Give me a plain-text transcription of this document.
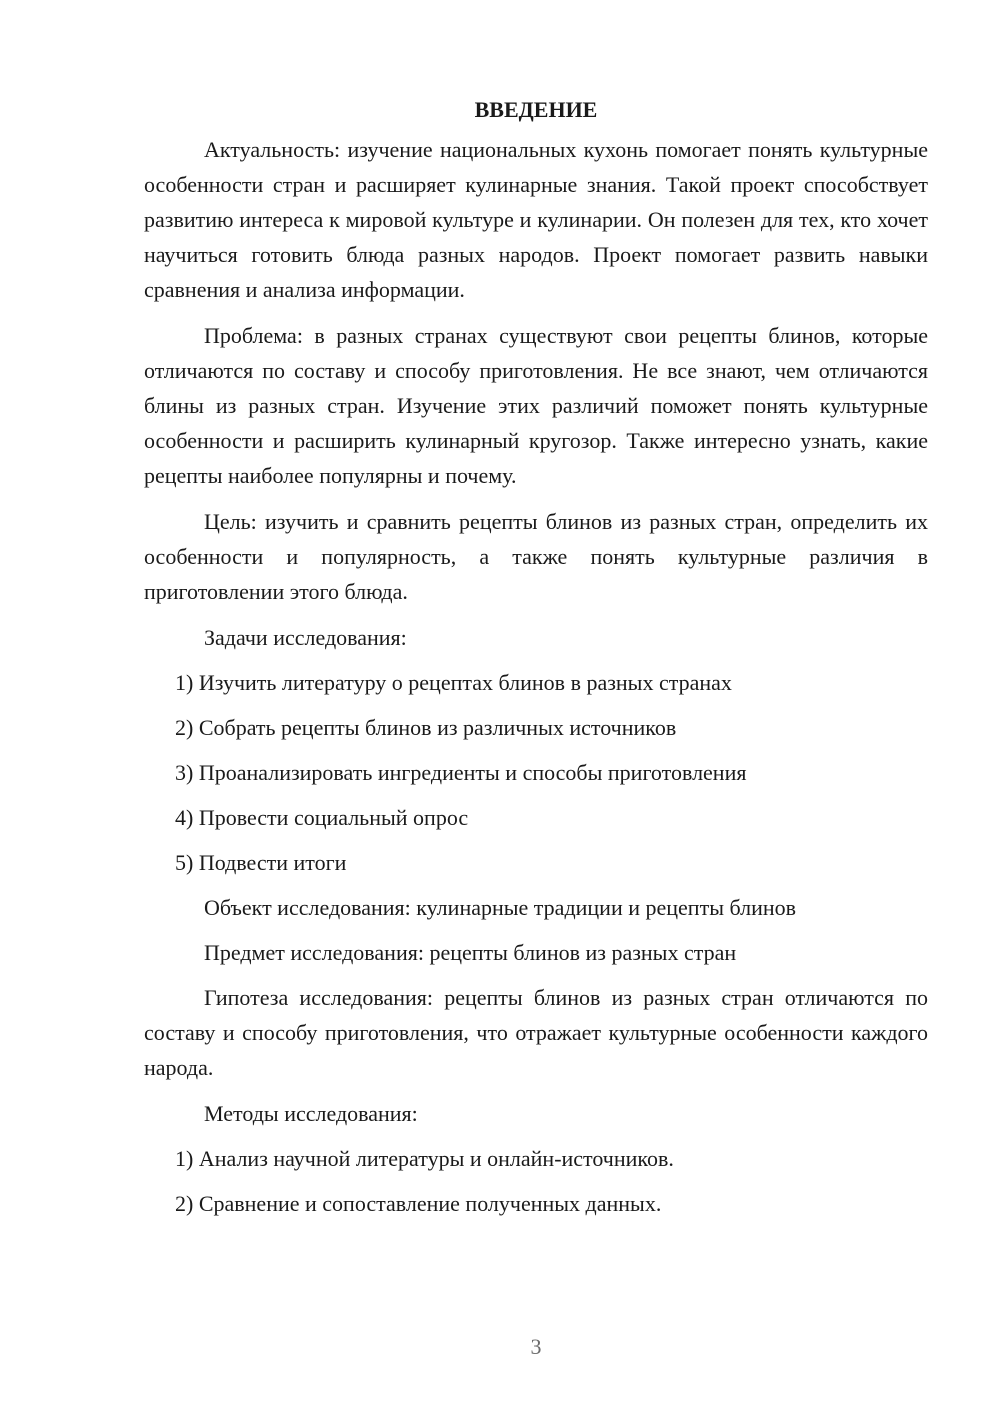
ВВЕДЕНИЕ

Актуальность: изучение национальных кухонь помогает понять культурные особенности стран и расширяет кулинарные знания. Такой проект способствует развитию интереса к мировой культуре и кулинарии. Он полезен для тех, кто хочет научиться готовить блюда разных народов. Проект помогает развить навыки сравнения и анализа информации.

Проблема: в разных странах существуют свои рецепты блинов, которые отличаются по составу и способу приготовления. Не все знают, чем отличаются блины из разных стран. Изучение этих различий поможет понять культурные особенности и расширить кулинарный кругозор. Также интересно узнать, какие рецепты наиболее популярны и почему.

Цель: изучить и сравнить рецепты блинов из разных стран, определить их особенности и популярность, а также понять культурные различия в приготовлении этого блюда.

Задачи исследования:
1) Изучить литературу о рецептах блинов в разных странах
2) Собрать рецепты блинов из различных источников
3) Проанализировать ингредиенты и способы приготовления
4) Провести социальный опрос
5) Подвести итоги
Объект исследования: кулинарные традиции и рецепты блинов
Предмет исследования: рецепты блинов из разных стран

Гипотеза исследования: рецепты блинов из разных стран отличаются по составу и способу приготовления, что отражает культурные особенности каждого народа.

Методы исследования:
1) Анализ научной литературы и онлайн-источников.
2) Сравнение и сопоставление полученных данных.
3
